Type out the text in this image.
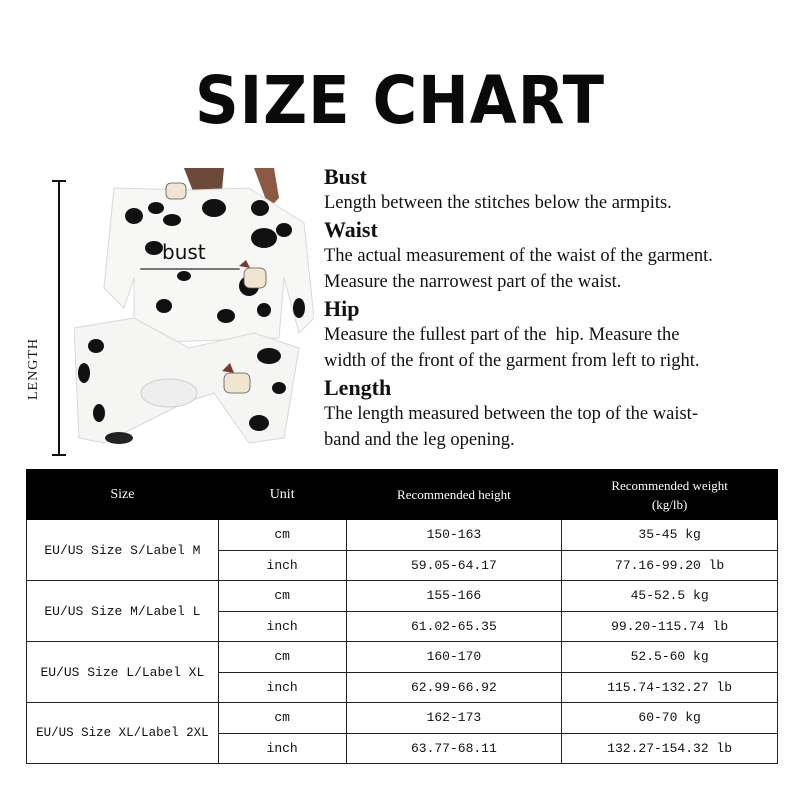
SIZE CHART
LENGTH
bust
Bust
Length between the stitches below the armpits.
Waist
The actual measurement of the waist of the garment.
Measure the narrowest part of the waist.
Hip
Measure the fullest part of the  hip. Measure the
width of the front of the garment from left to right.
Length
The length measured between the top of the waist-
band and the leg opening.
Size	Unit	Recommended height	Recommended weight
(kg/lb)

EU/US Size S/Label M	cm	150-163	35-45 kg
	inch	59.05-64.17	77.16-99.20 lb
EU/US Size M/Label L	cm	155-166	45-52.5 kg
	inch	61.02-65.35	99.20-115.74 lb
EU/US Size L/Label XL	cm	160-170	52.5-60 kg
	inch	62.99-66.92	115.74-132.27 lb
EU/US Size XL/Label 2XL	cm	162-173	60-70 kg
	inch	63.77-68.11	132.27-154.32 lb
